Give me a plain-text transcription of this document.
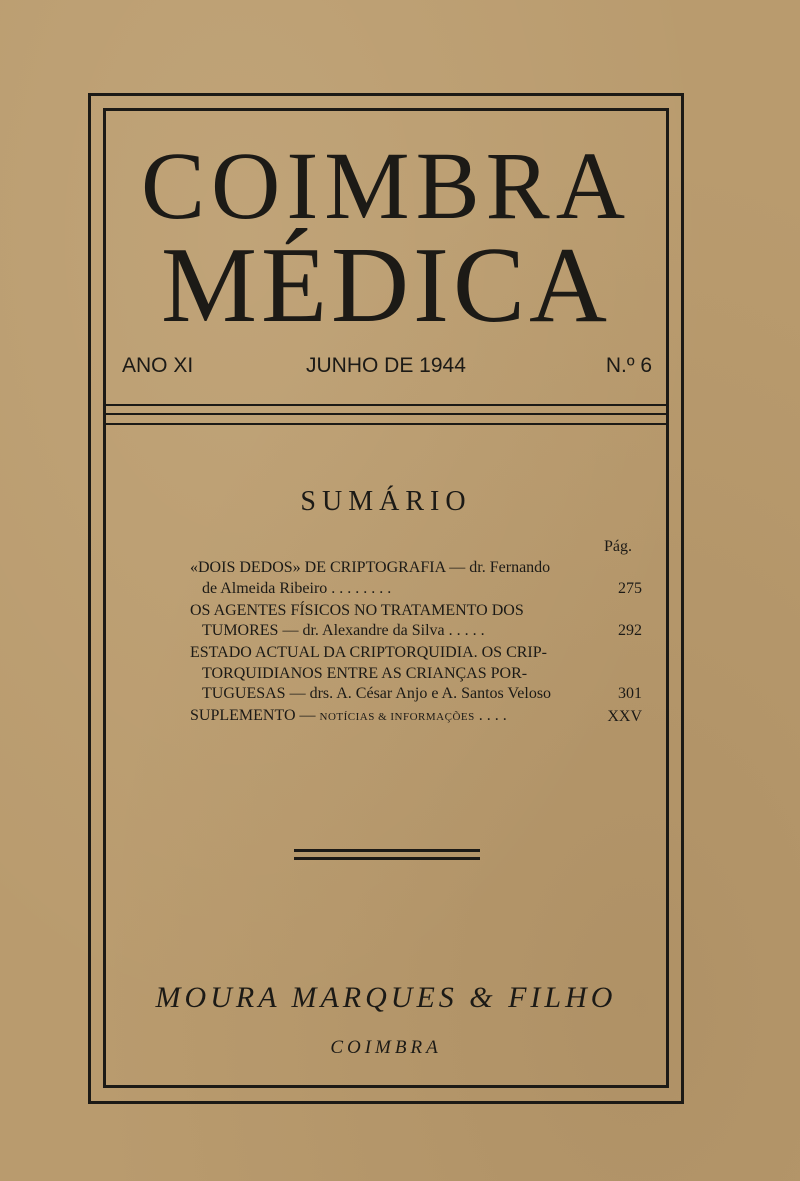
COIMBRA
MÉDICA
ANO XI	JUNHO DE 1944	N.º 6
SUMÁRIO
Pág.
«DOIS DEDOS» DE CRIPTOGRAFIA — dr. Fernando
de Almeida Ribeiro . . . . . . . .	275
OS AGENTES FÍSICOS NO TRATAMENTO DOS
TUMORES — dr. Alexandre da Silva . . . . .	292
ESTADO ACTUAL DA CRIPTORQUIDIA. OS CRIP-
TORQUIDIANOS ENTRE AS CRIANÇAS POR-
TUGUESAS — drs. A. César Anjo e A. Santos Veloso	301
SUPLEMENTO — NOTÍCIAS & INFORMAÇÕES . . . .	XXV

MOURA MARQUES & FILHO

COIMBRA
